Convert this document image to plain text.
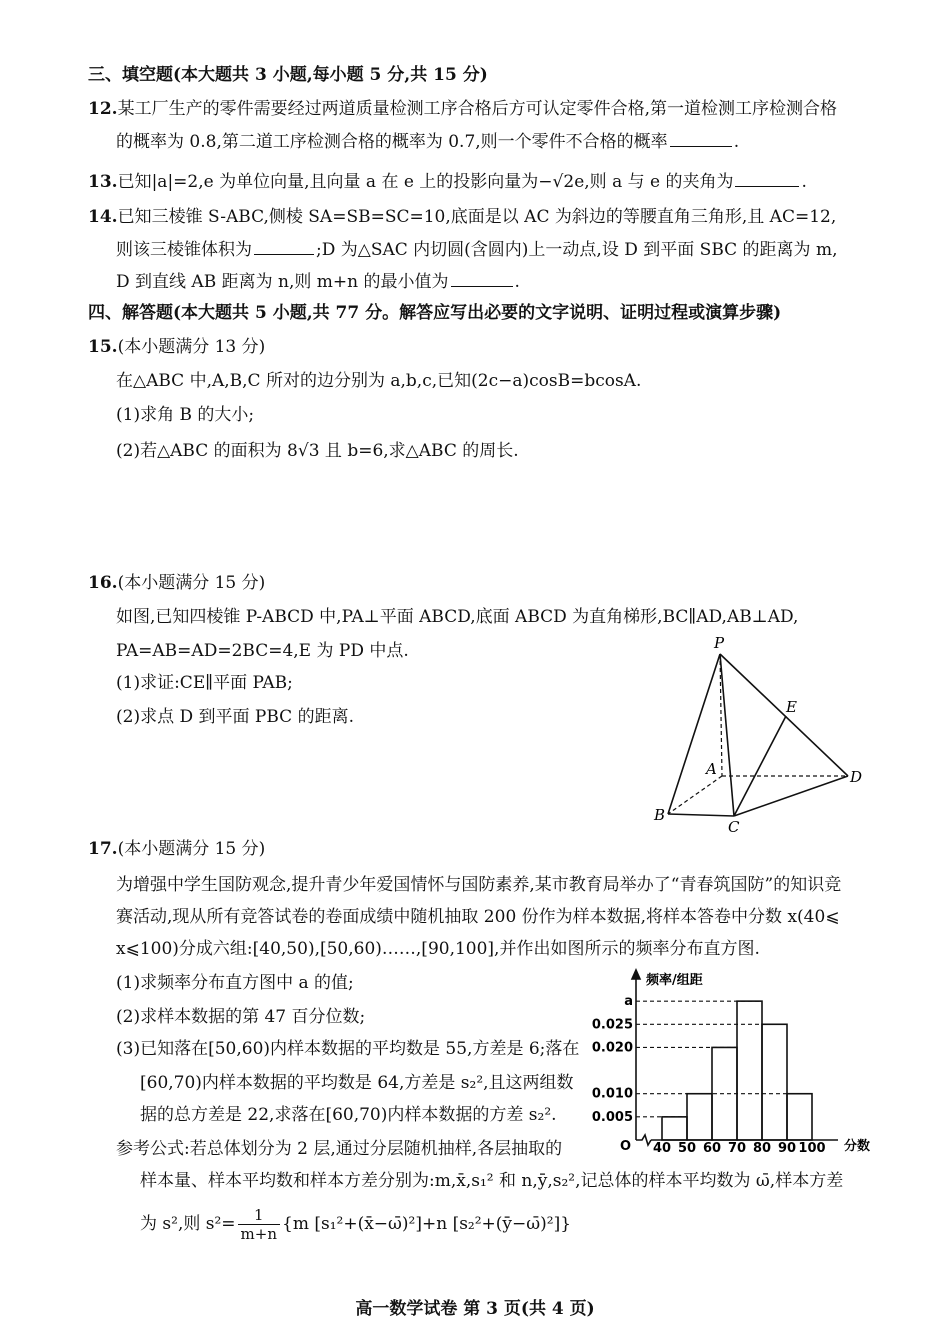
三、填空题(本大题共 3 小题,每小题 5 分,共 15 分)
12.某工厂生产的零件需要经过两道质量检测工序合格后方可认定零件合格,第一道检测工序检测合格
的概率为 0.8,第二道工序检测合格的概率为 0.7,则一个零件不合格的概率	.
13.已知|a|=2,e 为单位向量,且向量 a 在 e 上的投影向量为−√2e,则 a 与 e 的夹角为	.
14.已知三棱锥 S-ABC,侧棱 SA=SB=SC=10,底面是以 AC 为斜边的等腰直角三角形,且 AC=12,
则该三棱锥体积为	;D 为△SAC 内切圆(含圆内)上一动点,设 D 到平面 SBC 的距离为 m,
D 到直线 AB 距离为 n,则 m+n 的最小值为	.
四、解答题(本大题共 5 小题,共 77 分。解答应写出必要的文字说明、证明过程或演算步骤)
15.(本小题满分 13 分)
在△ABC 中,A,B,C 所对的边分别为 a,b,c,已知(2c−a)cosB=bcosA.
(1)求角 B 的大小;
(2)若△ABC 的面积为 8√3 且 b=6,求△ABC 的周长.
16.(本小题满分 15 分)
如图,已知四棱锥 P-ABCD 中,PA⊥平面 ABCD,底面 ABCD 为直角梯形,BC∥AD,AB⊥AD,
PA=AB=AD=2BC=4,E 为 PD 中点.
(1)求证:CE∥平面 PAB;
(2)求点 D 到平面 PBC 的距离.
P
E
A	D
B
C
17.(本小题满分 15 分)
为增强中学生国防观念,提升青少年爱国情怀与国防素养,某市教育局举办了“青春筑国防”的知识竞
赛活动,现从所有竞答试卷的卷面成绩中随机抽取 200 份作为样本数据,将样本答卷中分数 x(40⩽
x⩽100)分成六组:[40,50),[50,60)……,[90,100],并作出如图所示的频率分布直方图.
(1)求频率分布直方图中 a 的值;
(2)求样本数据的第 47 百分位数;
(3)已知落在[50,60)内样本数据的平均数是 55,方差是 6;落在
[60,70)内样本数据的平均数是 64,方差是 s₂²,且这两组数
据的总方差是 22,求落在[60,70)内样本数据的方差 s₂².
参考公式:若总体划分为 2 层,通过分层随机抽样,各层抽取的
样本量、样本平均数和样本方差分别为:m,x̄,s₁² 和 n,ȳ,s₂²,记总体的样本平均数为 ω̄,样本方差
为 s²,则 $s^2= \frac{1}{m+n} \{m$ [s₁²+(x̄−ω̄)²]+n [s₂²+(ȳ−ω̄)²]}
频率/组距
O	分数
0.005
0.010
0.020
0.025
a
40 50 60 70 80 90 100
高一数学试卷 第 3 页(共 4 页)
